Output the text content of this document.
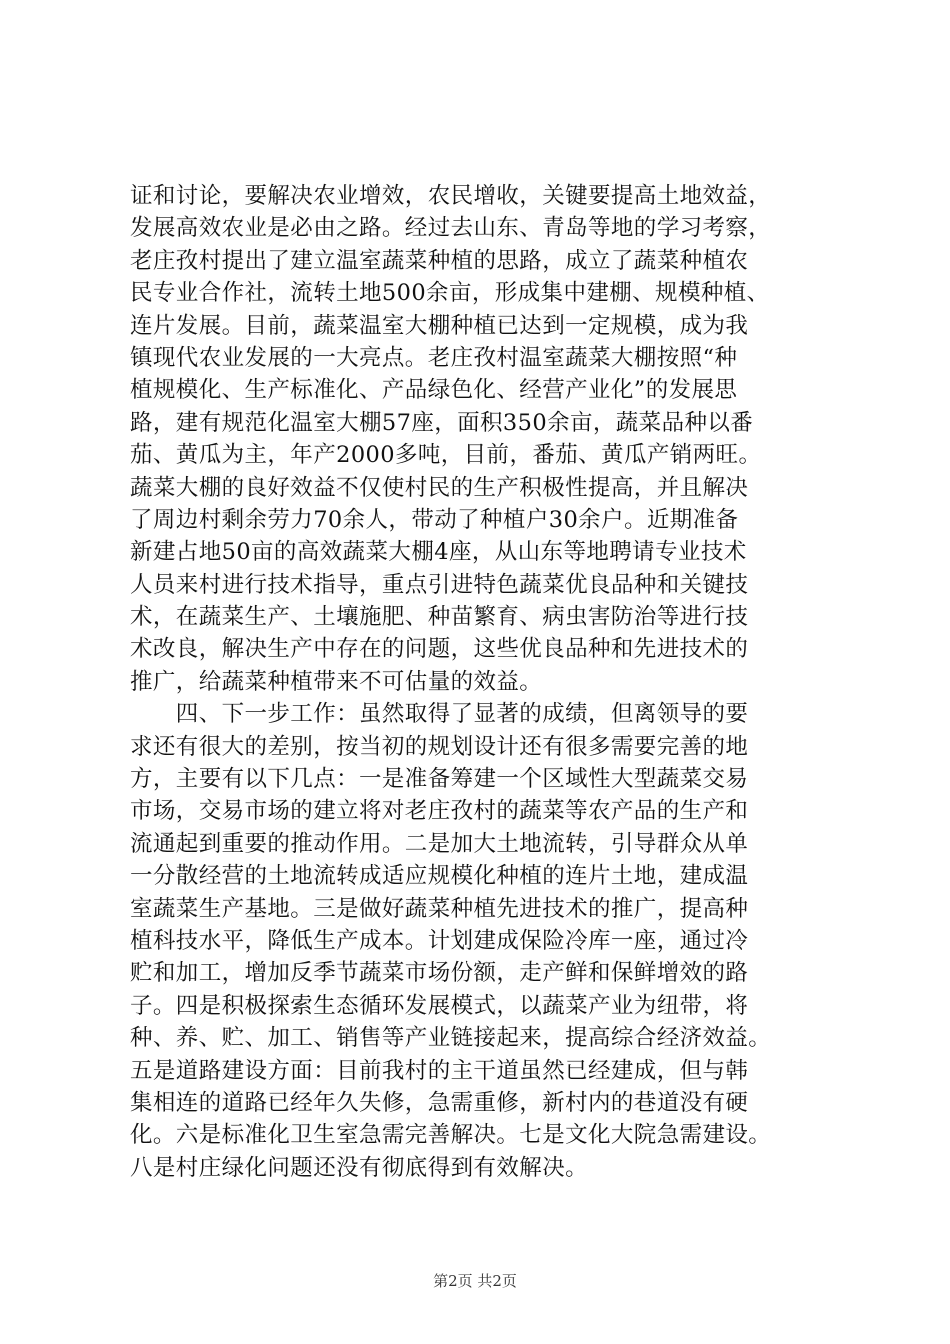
证和讨论，要解决农业增效，农民增收，关键要提高土地效益，
发展高效农业是必由之路。经过去山东、青岛等地的学习考察，
老庄孜村提出了建立温室蔬菜种植的思路，成立了蔬菜种植农
民专业合作社，流转土地500余亩，形成集中建棚、规模种植、
连片发展。目前，蔬菜温室大棚种植已达到一定规模，成为我
镇现代农业发展的一大亮点。老庄孜村温室蔬菜大棚按照“种
植规模化、生产标准化、产品绿色化、经营产业化”的发展思
路，建有规范化温室大棚57座，面积350余亩，蔬菜品种以番
茄、黄瓜为主，年产2000多吨，目前，番茄、黄瓜产销两旺。
蔬菜大棚的良好效益不仅使村民的生产积极性提高，并且解决
了周边村剩余劳力70余人，带动了种植户30余户。近期准备
新建占地50亩的高效蔬菜大棚4座，从山东等地聘请专业技术
人员来村进行技术指导，重点引进特色蔬菜优良品种和关键技
术，在蔬菜生产、土壤施肥、种苗繁育、病虫害防治等进行技
术改良，解决生产中存在的问题，这些优良品种和先进技术的
推广，给蔬菜种植带来不可估量的效益。
　　四、下一步工作：虽然取得了显著的成绩，但离领导的要
求还有很大的差别，按当初的规划设计还有很多需要完善的地
方，主要有以下几点：一是准备筹建一个区域性大型蔬菜交易
市场，交易市场的建立将对老庄孜村的蔬菜等农产品的生产和
流通起到重要的推动作用。二是加大土地流转，引导群众从单
一分散经营的土地流转成适应规模化种植的连片土地，建成温
室蔬菜生产基地。三是做好蔬菜种植先进技术的推广，提高种
植科技水平，降低生产成本。计划建成保险冷库一座，通过冷
贮和加工，增加反季节蔬菜市场份额，走产鲜和保鲜增效的路
子。四是积极探索生态循环发展模式，以蔬菜产业为纽带，将
种、养、贮、加工、销售等产业链接起来，提高综合经济效益。
五是道路建设方面：目前我村的主干道虽然已经建成，但与韩
集相连的道路已经年久失修，急需重修，新村内的巷道没有硬
化。六是标准化卫生室急需完善解决。七是文化大院急需建设。
八是村庄绿化问题还没有彻底得到有效解决。
第2页 共2页
